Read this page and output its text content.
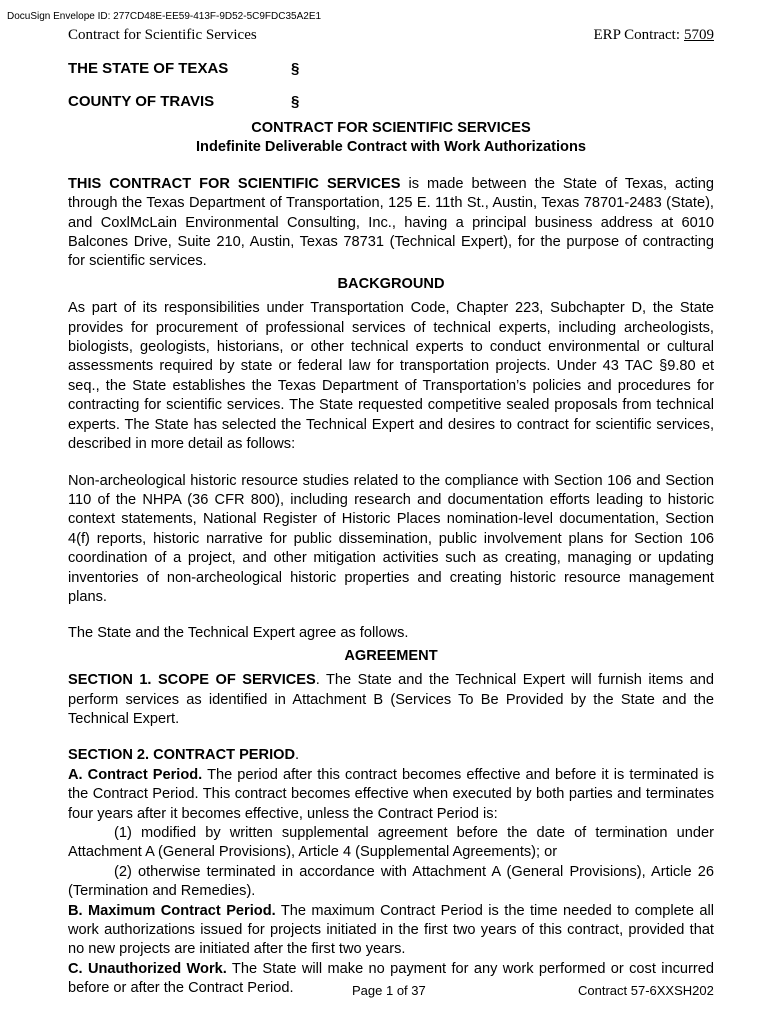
DocuSign Envelope ID: 277CD48E-EE59-413F-9D52-5C9FDC35A2E1
Contract for Scientific Services	ERP Contract: 5709
THE STATE OF TEXAS	§
COUNTY OF TRAVIS	§
CONTRACT FOR SCIENTIFIC SERVICES
Indefinite Deliverable Contract with Work Authorizations

THIS CONTRACT FOR SCIENTIFIC SERVICES is made between the State of Texas, acting through the Texas Department of Transportation, 125 E. 11th St., Austin, Texas 78701-2483 (State), and CoxlMcLain Environmental Consulting, Inc., having a principal business address at 6010 Balcones Drive, Suite 210, Austin, Texas 78731 (Technical Expert), for the purpose of contracting for scientific services.

BACKGROUND

As part of its responsibilities under Transportation Code, Chapter 223, Subchapter D, the State provides for procurement of professional services of technical experts, including archeologists, biologists, geologists, historians, or other technical experts to conduct environmental or cultural assessments required by state or federal law for transportation projects. Under 43 TAC §9.80 et seq., the State establishes the Texas Department of Transportation’s policies and procedures for contracting for scientific services. The State requested competitive sealed proposals from technical experts. The State has selected the Technical Expert and desires to contract for scientific services, described in more detail as follows:

Non-archeological historic resource studies related to the compliance with Section 106 and Section 110 of the NHPA (36 CFR 800), including research and documentation efforts leading to historic context statements, National Register of Historic Places nomination-level documentation, Section 4(f) reports, historic narrative for public dissemination, public involvement plans for Section 106 coordination of a project, and other mitigation activities such as creating, managing or updating inventories of non-archeological historic properties and creating historic resource management plans.

The State and the Technical Expert agree as follows.

AGREEMENT

SECTION 1. SCOPE OF SERVICES. The State and the Technical Expert will furnish items and perform services as identified in Attachment B (Services To Be Provided by the State and the Technical Expert.

SECTION 2. CONTRACT PERIOD.

A. Contract Period. The period after this contract becomes effective and before it is terminated is the Contract Period. This contract becomes effective when executed by both parties and terminates four years after it becomes effective, unless the Contract Period is:

(1) modified by written supplemental agreement before the date of termination under Attachment A (General Provisions), Article 4 (Supplemental Agreements); or

(2) otherwise terminated in accordance with Attachment A (General Provisions), Article 26 (Termination and Remedies).

B. Maximum Contract Period. The maximum Contract Period is the time needed to complete all work authorizations issued for projects initiated in the first two years of this contract, provided that no new projects are initiated after the first two years.

C. Unauthorized Work. The State will make no payment for any work performed or cost incurred before or after the Contract Period.	Page 1 of 37	Contract 57-6XXSH202
